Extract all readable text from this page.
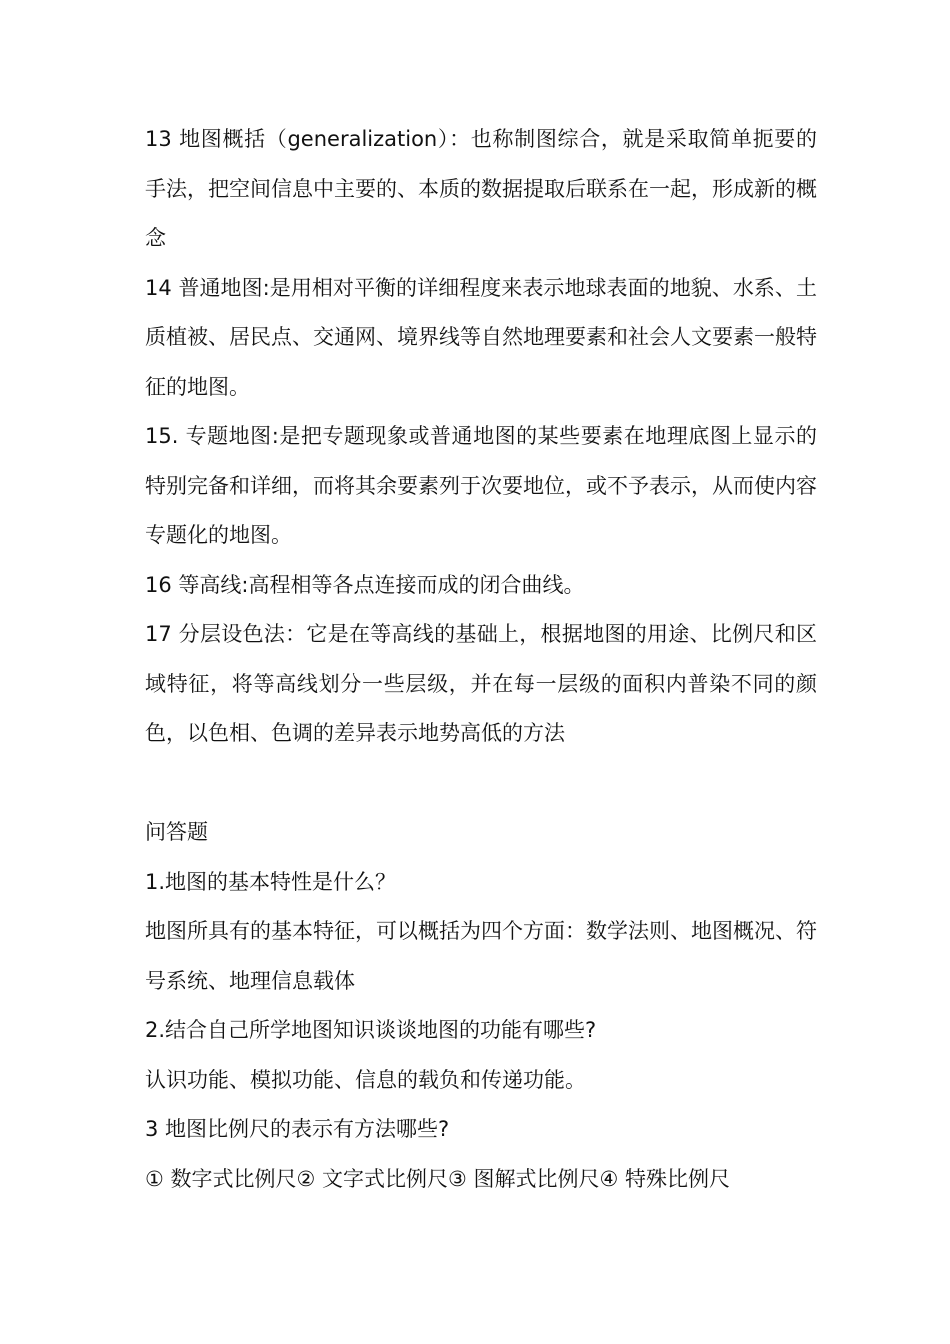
13 地图概括（generalization）：也称制图综合，就是采取简单扼要的手法，把空间信息中主要的、本质的数据提取后联系在一起，形成新的概念

14 普通地图:是用相对平衡的详细程度来表示地球表面的地貌、水系、土质植被、居民点、交通网、境界线等自然地理要素和社会人文要素一般特征的地图。

15. 专题地图:是把专题现象或普通地图的某些要素在地理底图上显示的特别完备和详细，而将其余要素列于次要地位，或不予表示，从而使内容专题化的地图。

16 等高线:高程相等各点连接而成的闭合曲线。

17 分层设色法：它是在等高线的基础上，根据地图的用途、比例尺和区域特征，将等高线划分一些层级，并在每一层级的面积内普染不同的颜色，以色相、色调的差异表示地势高低的方法

问答题

1.地图的基本特性是什么？

地图所具有的基本特征，可以概括为四个方面：数学法则、地图概况、符号系统、地理信息载体

2.结合自己所学地图知识谈谈地图的功能有哪些?

认识功能、模拟功能、信息的载负和传递功能。

3 地图比例尺的表示有方法哪些?

① 数字式比例尺② 文字式比例尺③ 图解式比例尺④ 特殊比例尺
